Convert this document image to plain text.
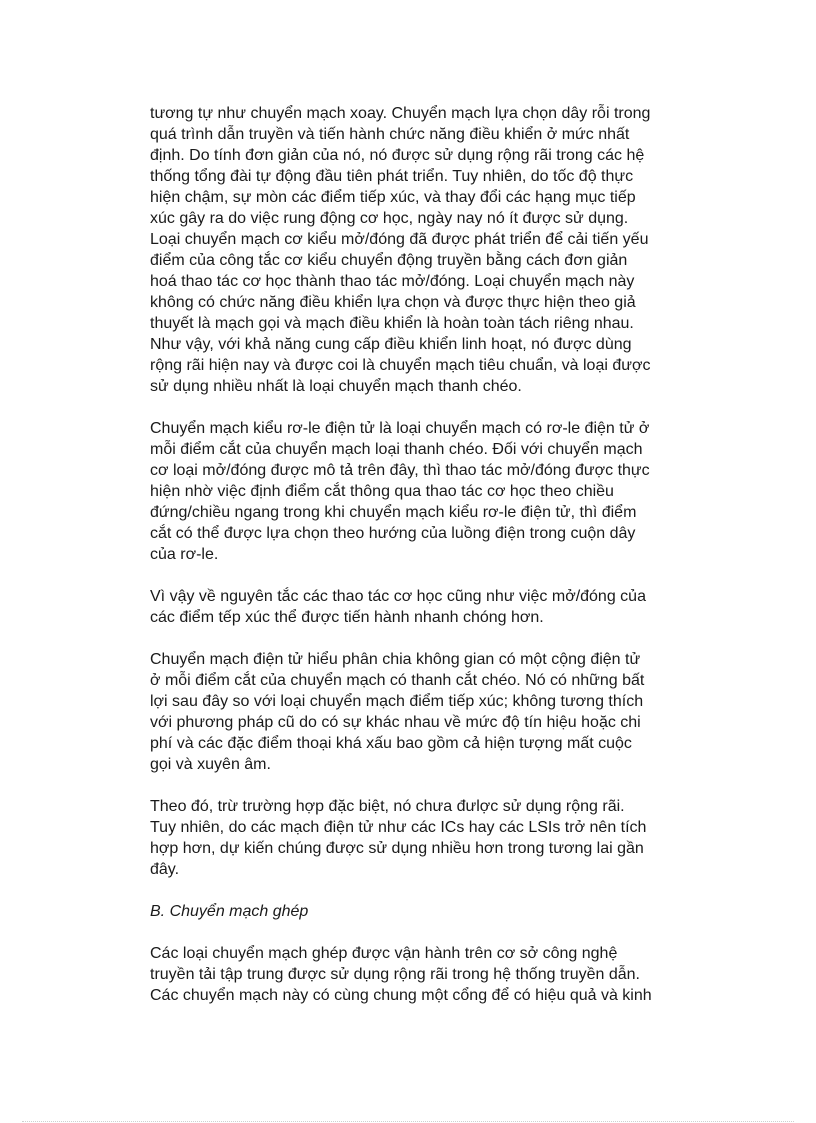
tương tự như chuyển mạch xoay. Chuyển mạch lựa chọn dây rỗi trong
quá trình dẫn truyền và tiến hành chức năng điều khiển ở mức nhất
định. Do tính đơn giản của nó, nó được sử dụng rộng rãi trong các hệ
thống tổng đài tự động đầu tiên phát triển. Tuy nhiên, do tốc độ thực
hiện chậm, sự mòn các điểm tiếp xúc, và thay đổi các hạng mục tiếp
xúc gây ra do việc rung động cơ học, ngày nay nó ít được sử dụng.
Loại chuyển mạch cơ kiểu mở/đóng đã được phát triển để cải tiến yếu
điểm của công tắc cơ kiểu chuyển động truyền bằng cách đơn giản
hoá thao tác cơ học thành thao tác mở/đóng. Loại chuyển mạch này
không có chức năng điều khiển lựa chọn và được thực hiện theo giả
thuyết là mạch gọi và mạch điều khiển là hoàn toàn tách riêng nhau.
Như vậy, với khả năng cung cấp điều khiển linh hoạt, nó được dùng
rộng rãi hiện nay và được coi là chuyển mạch tiêu chuẩn, và loại được
sử dụng nhiều nhất là loại chuyển mạch thanh chéo.

Chuyển mạch kiểu rơ-le điện tử là loại chuyển mạch có rơ-le điện tử ở
mỗi điểm cắt của chuyển mạch loại thanh chéo. Đối với chuyển mạch
cơ loại mở/đóng được mô tả trên đây, thì thao tác mở/đóng được thực
hiện nhờ việc định điểm cắt thông qua thao tác cơ học theo chiều
đứng/chiều ngang trong khi chuyển mạch kiểu rơ-le điện tử, thì điểm
cắt có thể được lựa chọn theo hướng của luồng điện trong cuộn dây
của rơ-le.

Vì vậy về nguyên tắc các thao tác cơ học cũng như việc mở/đóng của
các điểm tếp xúc thể được tiến hành nhanh chóng hơn.

Chuyển mạch điện tử hiểu phân chia không gian có một cộng điện tử
ở mỗi điểm cắt của chuyển mạch có thanh cắt chéo. Nó có những bất
lợi sau đây so với loại chuyển mạch điểm tiếp xúc; không tương thích
với phương pháp cũ do có sự khác nhau về mức độ tín hiệu hoặc chi
phí và các đặc điểm thoại khá xấu bao gồm cả hiện tượng mất cuộc
gọi và xuyên âm.

Theo đó, trừ trường hợp đặc biệt, nó chưa đưlợc sử dụng rộng rãi.
Tuy nhiên, do các mạch điện tử như các ICs hay các LSIs trở nên tích
hợp hơn, dự kiến chúng được sử dụng nhiều hơn trong tương lai gần
đây.

B. Chuyển mạch ghép

Các loại chuyển mạch ghép được vận hành trên cơ sở công nghệ
truyền tải tập trung được sử dụng rộng rãi trong hệ thống truyền dẫn.
Các chuyển mạch này có cùng chung một cổng để có hiệu quả và kinh
